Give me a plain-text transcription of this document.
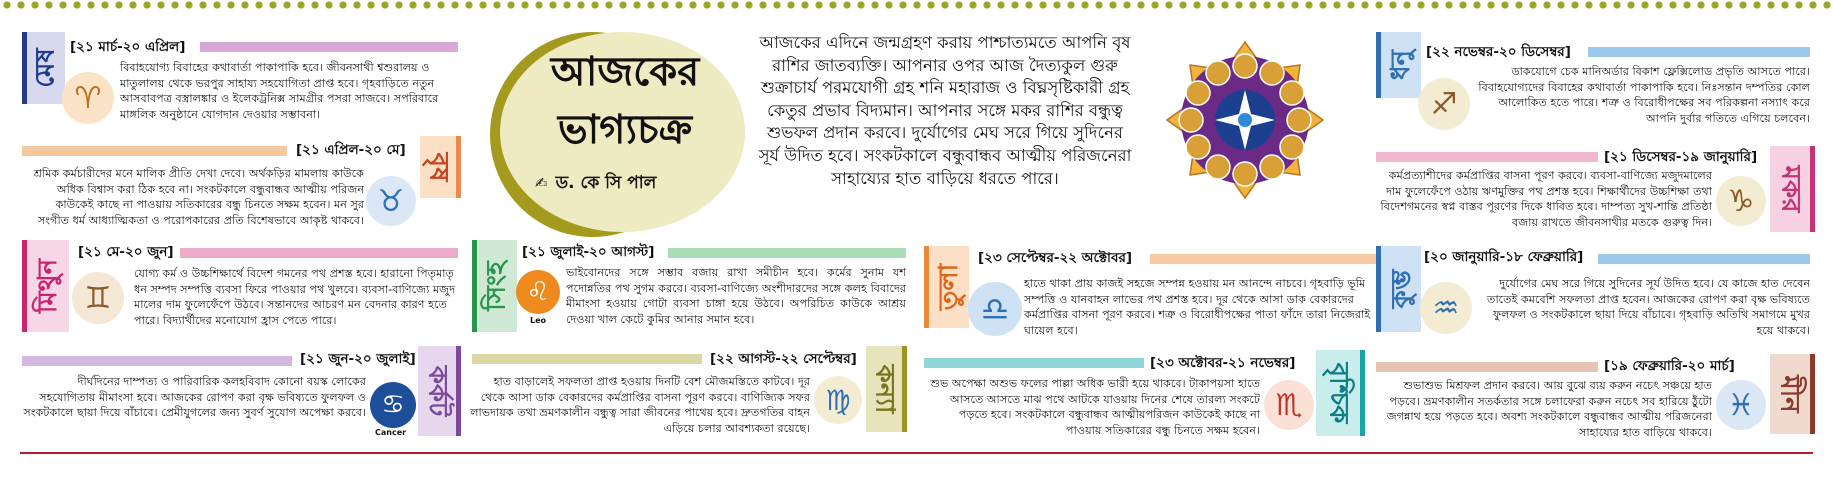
আজকের
ভাগ্যচক্র
✍ ড. কে সি পাল

আজকের এদিনে জন্মগ্রহণ করায় পাশ্চাত্যমতে আপনি বৃষ রাশির জাতব্যক্তি। আপনার ওপর আজ দৈত্যকুল গুরু শুক্রাচার্য পরমযোগী গ্রহ শনি মহারাজ ও বিঘ্নসৃষ্টিকারী গ্রহ কেতুর প্রভাব বিদ্যমান। আপনার সঙ্গে মকর রাশির বন্ধুত্ব শুভফল প্রদান করবে। দুর্যোগের মেঘ সরে গিয়ে সুদিনের সূর্য উদিত হবে। সংকটকালে বন্ধুবান্ধব আত্মীয় পরিজনেরা সাহায্যের হাত বাড়িয়ে ধরতে পারে।

মেষ
[২১ মার্চ-২০ এপ্রিল]
♈

বিবাহযোগ্য বিবাহের কথাবার্তা পাকাপাকি হবে। জীবনসাথী শ্বশুরালয় ও মাতুলালয় থেকে ভরপুর সাহায্য সহযোগিতা প্রাপ্ত হবে। গৃহবাড়িতে নতুন আসবাবপত্র বস্ত্রালঙ্কার ও ইলেকট্রনিক্স সামগ্রীর পসরা সাজবে। সপরিবারে মাঙ্গলিক অনুষ্ঠানে যোগদান দেওয়ার সম্ভাবনা।

[২১ এপ্রিল-২০ মে]
বৃষ
♉

শ্রমিক কর্মচারীদের মনে মালিক প্রীতি দেখা দেবে। অর্থকড়ির মামলায় কাউকে অধিক বিশ্বাস করা ঠিক হবে না। সংকটকালে বন্ধুবান্ধব আত্মীয় পরিজন কাউকেই কাছে না পাওয়ায় সতিকারের বন্ধু চিনতে সক্ষম হবেন। মন সুর সংগীত ধর্ম আধ্যাত্মিকতা ও পরোপকারের প্রতি বিশেষভাবে আকৃষ্ট থাকবে।

মিথুন
[২১ মে-২০ জুন]
♊

যোগ্য কর্ম ও উচ্চশিক্ষার্থে বিদেশ গমনের পথ প্রশস্ত হবে। হারানো পিতৃমাতৃ ধন সম্পদ সম্পত্তি ব্যবসা ফিরে পাওয়ার পথ খুলবে। ব্যবসা-বাণিজ্যে মজুদ মালের দাম ফুলেফেঁপে উঠবে। সন্তানদের আচরণ মন বেদনার কারণ হতে পারে। বিদ্যার্থীদের মনোযোগ হ্রাস পেতে পারে।

[২১ জুন-২০ জুলাই]
কর্কট
♋
Cancer

দীর্ঘদিনের দাম্পত্য ও পারিবারিক কলহবিবাদ কোনো বয়স্ক লোকের সহযোগিতায় মীমাংসা হবে। আজকের রোপণ করা বৃক্ষ ভবিষ্যতে ফুলফল ও সংকটকালে ছায়া দিয়ে বাঁচাবে। প্রেমীযুগলের জন্য সুবর্ণ সুযোগ অপেক্ষা করবে।

সিংহ
[২১ জুলাই-২০ আগস্ট]
♌
Leo

ভাইবোনদের সঙ্গে সম্ভাব বজায় রাখা সমীচীন হবে। কর্মের সুনাম যশ পদোন্নতির পথ সুগম করবে। ব্যবসা-বাণিজ্যে অংশীদারদের সঙ্গে কলহ বিবাদের মীমাংসা হওয়ায় গোটা ব্যবসা চাঙ্গা হয়ে উঠবে। অপরিচিত কাউকে আশ্রয় দেওয়া খাল কেটে কুমির আনার সমান হবে।

[২২ আগস্ট-২২ সেপ্টেম্বর]
কন্যা
♍

হাত বাড়ালেই সফলতা প্রাপ্ত হওয়ায় দিনটি বেশ মৌজমস্তিতে কাটবে। দূর থেকে আসা ডাক বেকারদের কর্মপ্রাপ্তির বাসনা পূরণ করবে। বাণিজ্যিক সফর লাভদায়ক তথা ভ্রমণকালীন বন্ধুত্ব সারা জীবনের পাথেয় হবে। দ্রুতগতির বাহন এড়িয়ে চলার আবশ্যকতা রয়েছে।

তুলা
[২৩ সেপ্টেম্বর-২২ অক্টোবর]
♎

হাতে থাকা প্রায় কাজই সহজে সম্পন্ন হওয়ায় মন আনন্দে নাচবে। গৃহবাড়ি ভূমি সম্পত্তি ও যানবাহন লাভের পথ প্রশস্ত হবে। দূর থেকে আসা ডাক বেকারদের কর্মপ্রাপ্তির বাসনা পূরণ করবে। শত্রু ও বিরোধীপক্ষের পাতা ফাঁদে তারা নিজেরাই ঘায়েল হবে।

[২৩ অক্টোবর-২১ নভেম্বর] বৃশ্চিক
♏

শুভ অপেক্ষা অশুভ ফলের পাল্লা অধিক ভারী হয়ে থাকবে। টাকাপয়সা হাতে আসতে আসতে মাঝ পথে আটকে যাওয়ায় দিনের শেষে তারল্য সংকটে পড়তে হবে। সংকটকালে বন্ধুবান্ধব আত্মীয়পরিজন কাউকেই কাছে না পাওয়ায় সতিকারের বন্ধু চিনতে সক্ষম হবেন।

ধনু [২২ নভেম্বর-২০ ডিসেম্বর]
♐

ডাকযোগে চেক মানিঅর্ডার বিকাশ ফ্লেক্সিলোড প্রভৃতি আসতে পারে। বিবাহযোগ্যদের বিবাহের কথাবার্তা পাকাপাকি হবে। নিঃসন্তান দম্পতির কোল আলোকিত হতে পারে। শত্রু ও বিরোধীপক্ষের সব পরিকল্পনা নস্যাৎ করে আপনি দুর্বার গতিতে এগিয়ে চলবেন।

[২১ ডিসেম্বর-১৯ জানুয়ারি]
মকর
♑

কর্মপ্রত্যাশীদের কর্মপ্রাপ্তির বাসনা পূরণ করবে। ব্যবসা-বাণিজ্যে মজুদমালের দাম ফুলেফেঁপে ওঠায় ঋণমুক্তির পথ প্রশস্ত হবে। শিক্ষার্থীদের উচ্চশিক্ষা তথা বিদেশগমনের স্বপ্ন বাস্তব পূরণের দিকে ধাবিত হবে। দাম্পত্য সুখ-শান্তি প্রতিষ্ঠা বজায় রাখতে জীবনসাথীর মতকে গুরুত্ব দিন।

কুম্ভ
[২০ জানুয়ারি-১৮ ফেব্রুয়ারি]
♒

দুর্যোগের মেঘ সরে গিয়ে সুদিনের সূর্য উদিত হবে। যে কাজে হাত দেবেন তাতেই কমবেশি সফলতা প্রাপ্ত হবেন। আজকের রোপণ করা বৃক্ষ ভবিষ্যতে ফুলফল ও সংকটকালে ছায়া দিয়ে বাঁচাবে। গৃহবাড়ি অতিথি সমাগমে মুখর হয়ে থাকবে।

[১৯ ফেব্রুয়ারি-২০ মার্চ]
মীন
♓

শুভাশুভ মিশ্রফল প্রদান করবে। আয় বুঝে ব্যয় করুন নচেৎ সঞ্চয়ে হাত পড়বে। ভ্রমণকালীন সতর্কতার সঙ্গে চলাফেরা করুন নচেৎ সব হারিয়ে ঠুঁটো জগন্নাথ হয়ে পড়তে হবে। অবশ্য সংকটকালে বন্ধুবান্ধব আত্মীয় পরিজনেরা সাহায্যের হাত বাড়িয়ে থাকবে।
